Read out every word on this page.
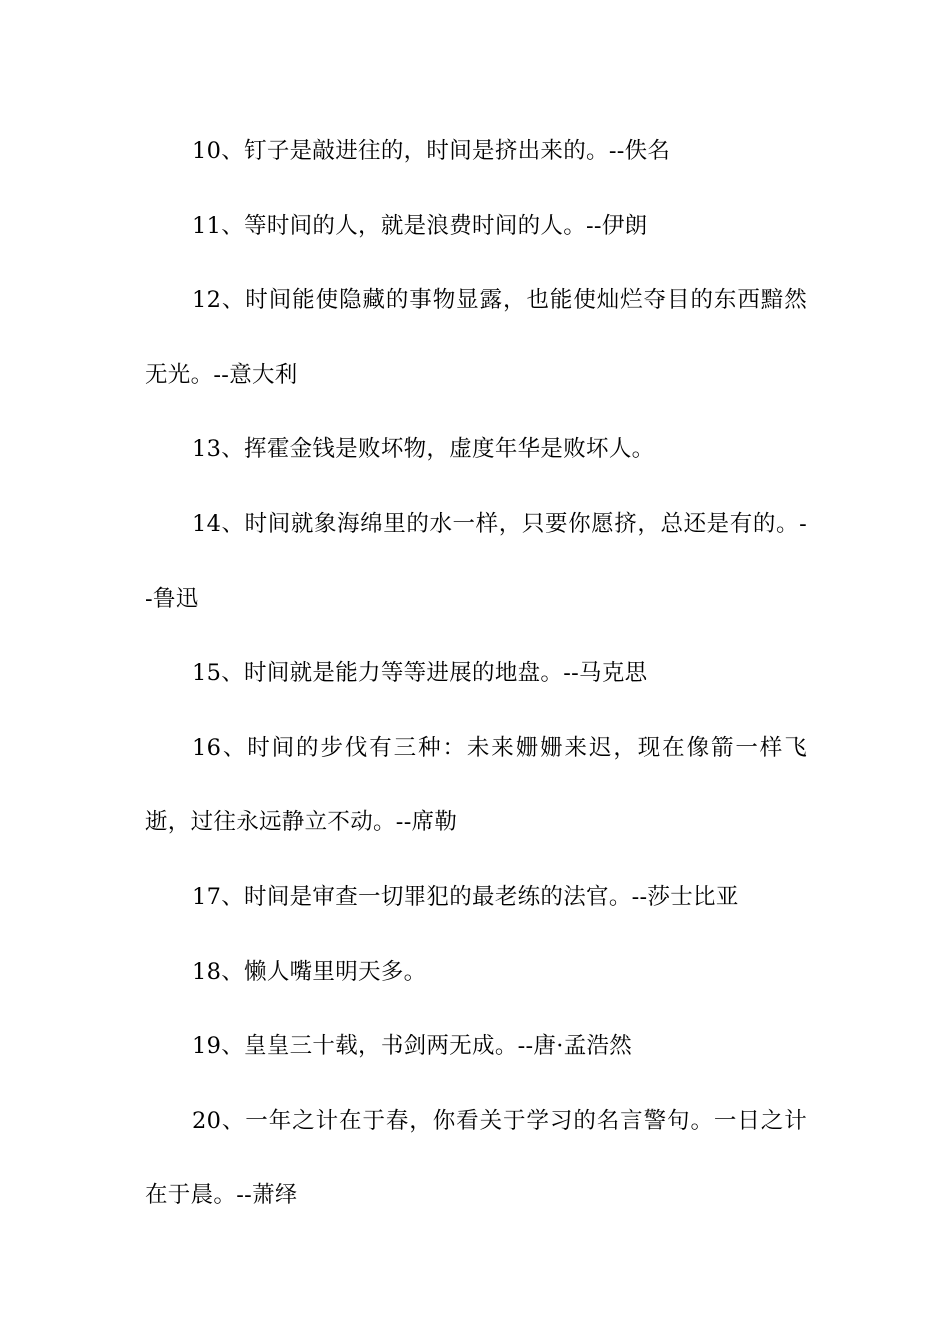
10、钉子是敲进往的，时间是挤出来的。--佚名

11、等时间的人，就是浪费时间的人。--伊朗

12、时间能使隐藏的事物显露，也能使灿烂夺目的东西黯然无光。--意大利

13、挥霍金钱是败坏物，虚度年华是败坏人。

14、时间就象海绵里的水一样，只要你愿挤，总还是有的。--鲁迅

15、时间就是能力等等进展的地盘。--马克思

16、时间的步伐有三种：未来姗姗来迟，现在像箭一样飞逝，过往永远静立不动。--席勒

17、时间是审查一切罪犯的最老练的法官。--莎士比亚

18、懒人嘴里明天多。

19、皇皇三十载，书剑两无成。--唐·孟浩然

20、一年之计在于春，你看关于学习的名言警句。一日之计在于晨。--萧绎
